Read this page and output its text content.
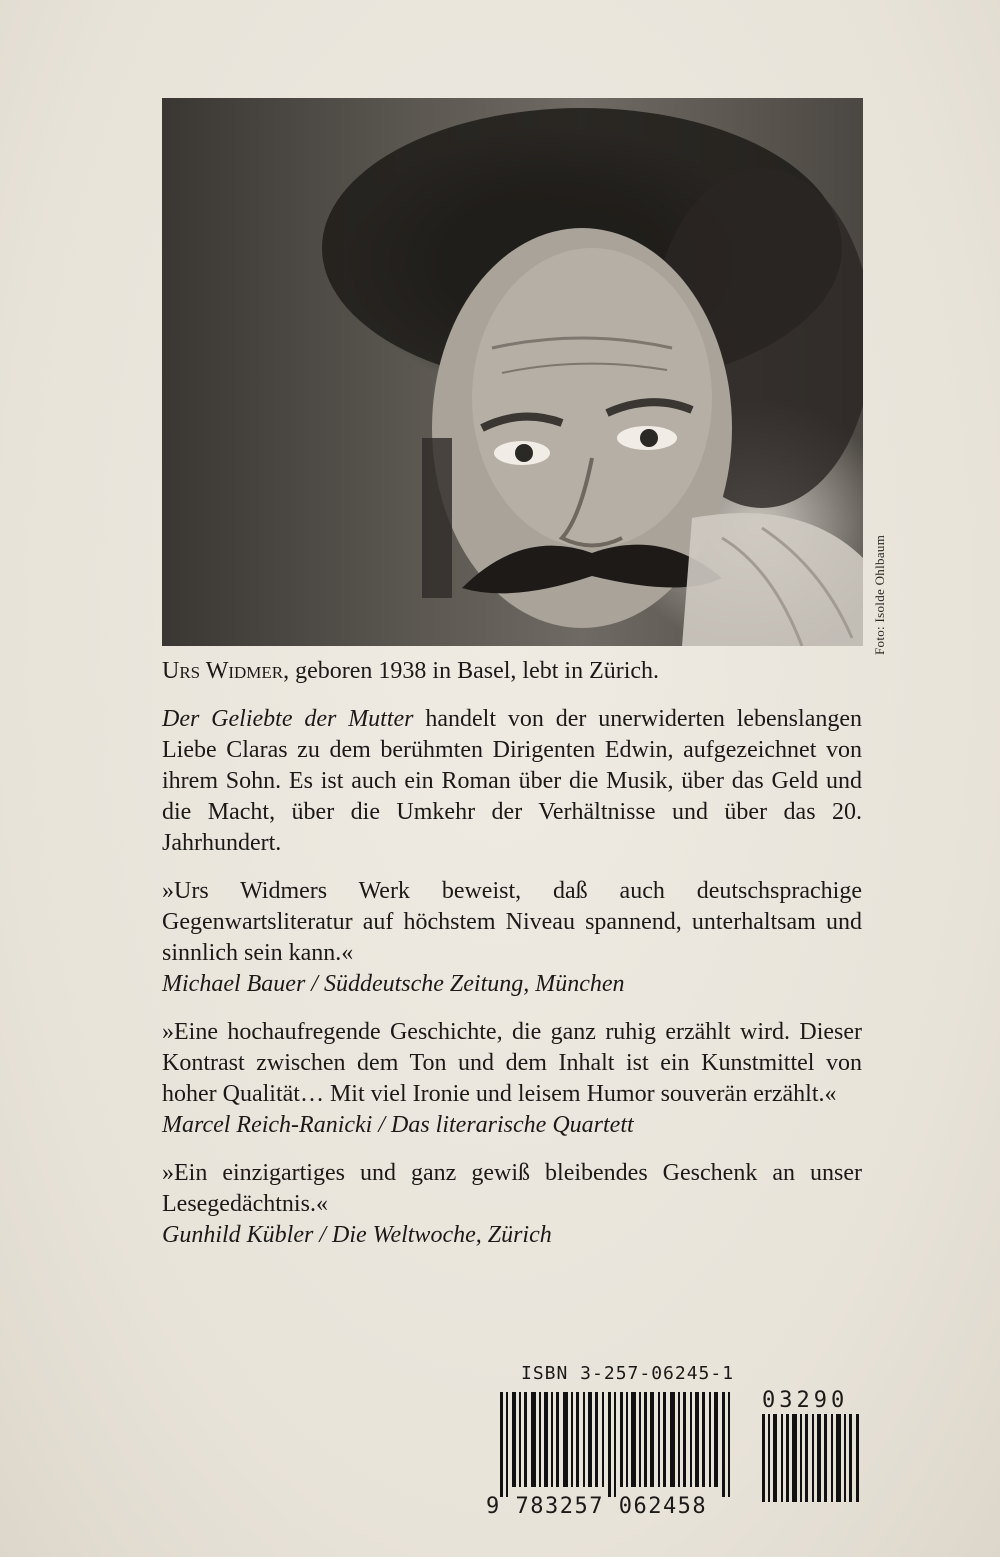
Foto: Isolde Ohlbaum

Urs Widmer, geboren 1938 in Basel, lebt in Zürich.

Der Geliebte der Mutter handelt von der unerwiderten lebenslangen Liebe Claras zu dem berühmten Dirigenten Edwin, aufgezeichnet von ihrem Sohn. Es ist auch ein Roman über die Musik, über das Geld und die Macht, über die Umkehr der Verhältnisse und über das 20. Jahrhundert.

»Urs Widmers Werk beweist, daß auch deutschsprachige Gegenwartsliteratur auf höchstem Niveau spannend, unterhaltsam und sinnlich sein kann.«
Michael Bauer / Süddeutsche Zeitung, München

»Eine hochaufregende Geschichte, die ganz ruhig erzählt wird. Dieser Kontrast zwischen dem Ton und dem Inhalt ist ein Kunstmittel von hoher Qualität… Mit viel Ironie und leisem Humor souverän erzählt.«
Marcel Reich-Ranicki / Das literarische Quartett

»Ein einzigartiges und ganz gewiß bleibendes Geschenk an unser Lesegedächtnis.«
Gunhild Kübler / Die Weltwoche, Zürich

ISBN 3-257-06245-1
03290
9 783257 062458
